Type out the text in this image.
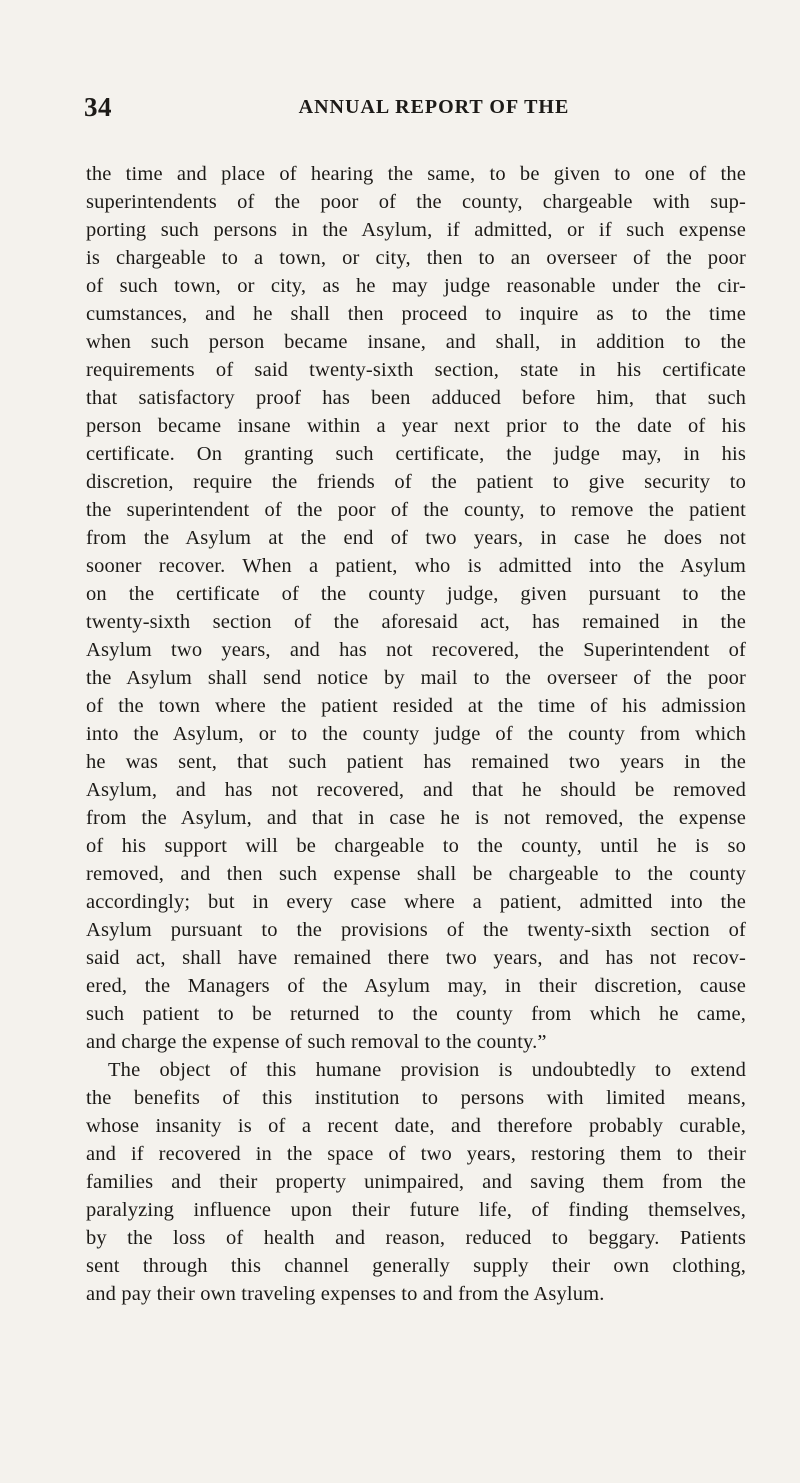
34	ANNUAL REPORT OF THE
the time and place of hearing the same, to be given to one of the
superintendents of the poor of the county, chargeable with sup-
porting such persons in the Asylum, if admitted, or if such expense
is chargeable to a town, or city, then to an overseer of the poor
of such town, or city, as he may judge reasonable under the cir-
cumstances, and he shall then proceed to inquire as to the time
when such person became insane, and shall, in addition to the
requirements of said twenty-sixth section, state in his certificate
that satisfactory proof has been adduced before him, that such
person became insane within a year next prior to the date of his
certificate. On granting such certificate, the judge may, in his
discretion, require the friends of the patient to give security to
the superintendent of the poor of the county, to remove the patient
from the Asylum at the end of two years, in case he does not
sooner recover. When a patient, who is admitted into the Asylum
on the certificate of the county judge, given pursuant to the
twenty-sixth section of the aforesaid act, has remained in the
Asylum two years, and has not recovered, the Superintendent of
the Asylum shall send notice by mail to the overseer of the poor
of the town where the patient resided at the time of his admission
into the Asylum, or to the county judge of the county from which
he was sent, that such patient has remained two years in the
Asylum, and has not recovered, and that he should be removed
from the Asylum, and that in case he is not removed, the expense
of his support will be chargeable to the county, until he is so
removed, and then such expense shall be chargeable to the county
accordingly; but in every case where a patient, admitted into the
Asylum pursuant to the provisions of the twenty-sixth section of
said act, shall have remained there two years, and has not recov-
ered, the Managers of the Asylum may, in their discretion, cause
such patient to be returned to the county from which he came,
and charge the expense of such removal to the county.”
The object of this humane provision is undoubtedly to extend
the benefits of this institution to persons with limited means,
whose insanity is of a recent date, and therefore probably curable,
and if recovered in the space of two years, restoring them to their
families and their property unimpaired, and saving them from the
paralyzing influence upon their future life, of finding themselves,
by the loss of health and reason, reduced to beggary. Patients
sent through this channel generally supply their own clothing,
and pay their own traveling expenses to and from the Asylum.
